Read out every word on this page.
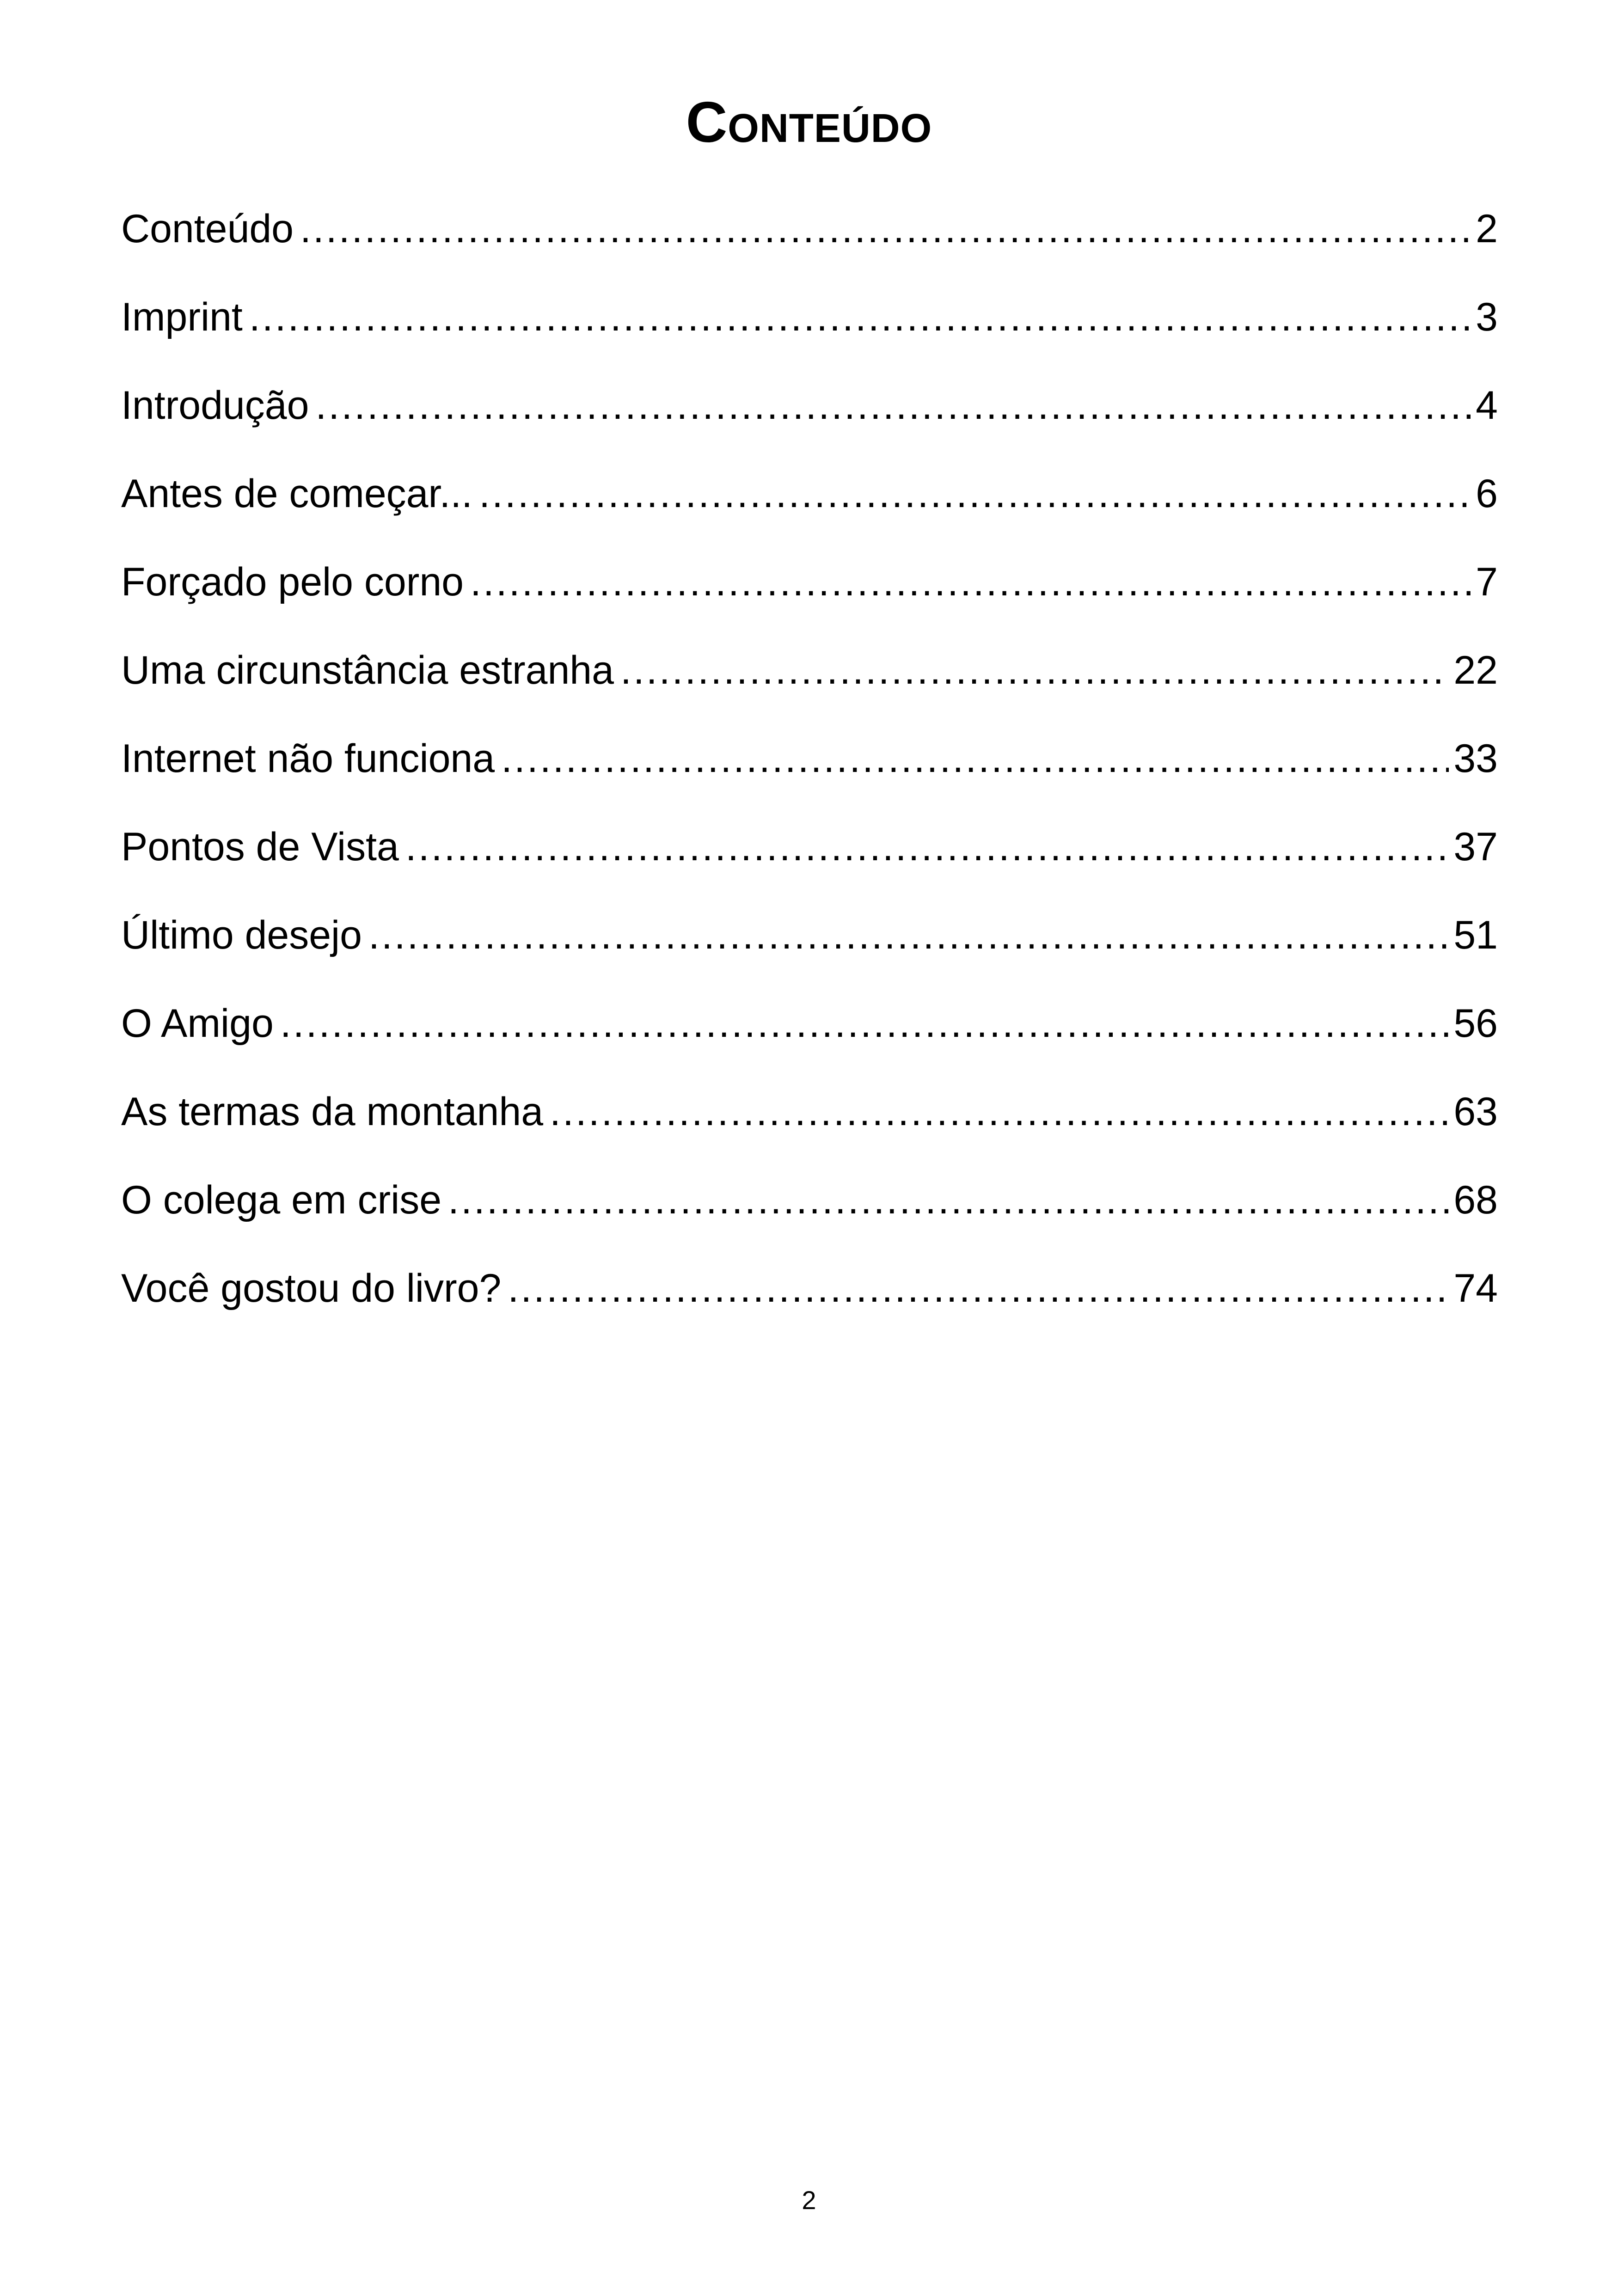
Conteúdo
Conteúdo .....	2
Imprint .....	3
Introdução .....	4
Antes de começar... .....	6
Forçado pelo corno .....	7
Uma circunstância estranha .....	22
Internet não funciona .....	33
Pontos de Vista .....	37
Último desejo .....	51
O Amigo .....	56
As termas da montanha .....	63
O colega em crise .....	68
Você gostou do livro? .....	74
2
